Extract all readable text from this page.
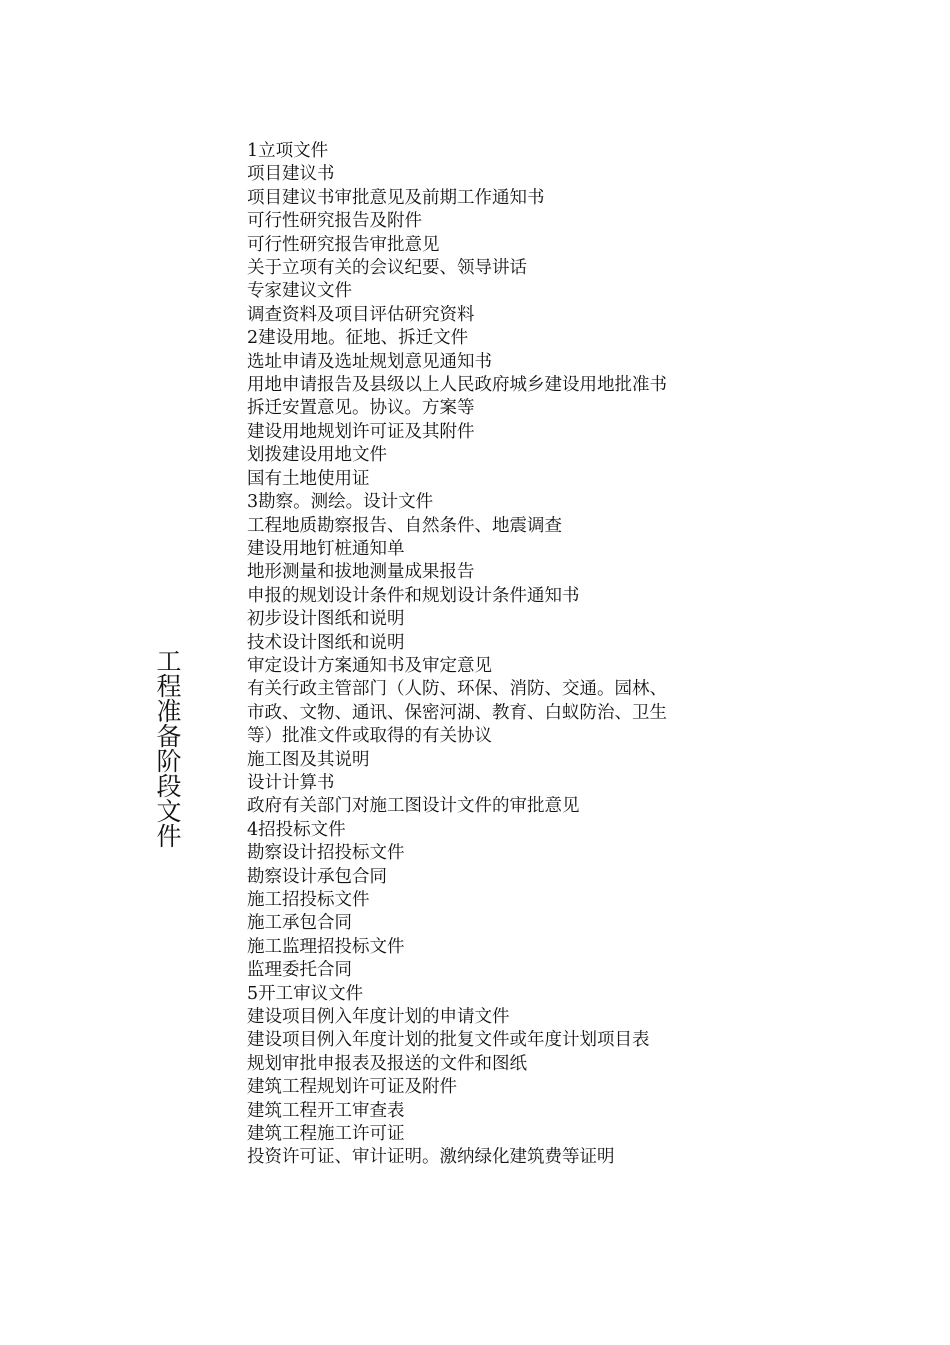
工程准备阶段文件
1立项文件
项目建议书
项目建议书审批意见及前期工作通知书
可行性研究报告及附件
可行性研究报告审批意见
关于立项有关的会议纪要、领导讲话
专家建议文件
调查资料及项目评估研究资料
2建设用地。征地、拆迁文件
选址申请及选址规划意见通知书
用地申请报告及县级以上人民政府城乡建设用地批准书
拆迁安置意见。协议。方案等
建设用地规划许可证及其附件
划拨建设用地文件
国有土地使用证
3勘察。测绘。设计文件
工程地质勘察报告、自然条件、地震调查
建设用地钉桩通知单
地形测量和拔地测量成果报告
申报的规划设计条件和规划设计条件通知书
初步设计图纸和说明
技术设计图纸和说明
审定设计方案通知书及审定意见
有关行政主管部门（人防、环保、消防、交通。园林、市政、文物、通讯、保密河湖、教育、白蚁防治、卫生等）批准文件或取得的有关协议
施工图及其说明
设计计算书
政府有关部门对施工图设计文件的审批意见
4招投标文件
勘察设计招投标文件
勘察设计承包合同
施工招投标文件
施工承包合同
施工监理招投标文件
监理委托合同
5开工审议文件
建设项目例入年度计划的申请文件
建设项目例入年度计划的批复文件或年度计划项目表
规划审批申报表及报送的文件和图纸
建筑工程规划许可证及附件
建筑工程开工审查表
建筑工程施工许可证
投资许可证、审计证明。激纳绿化建筑费等证明
